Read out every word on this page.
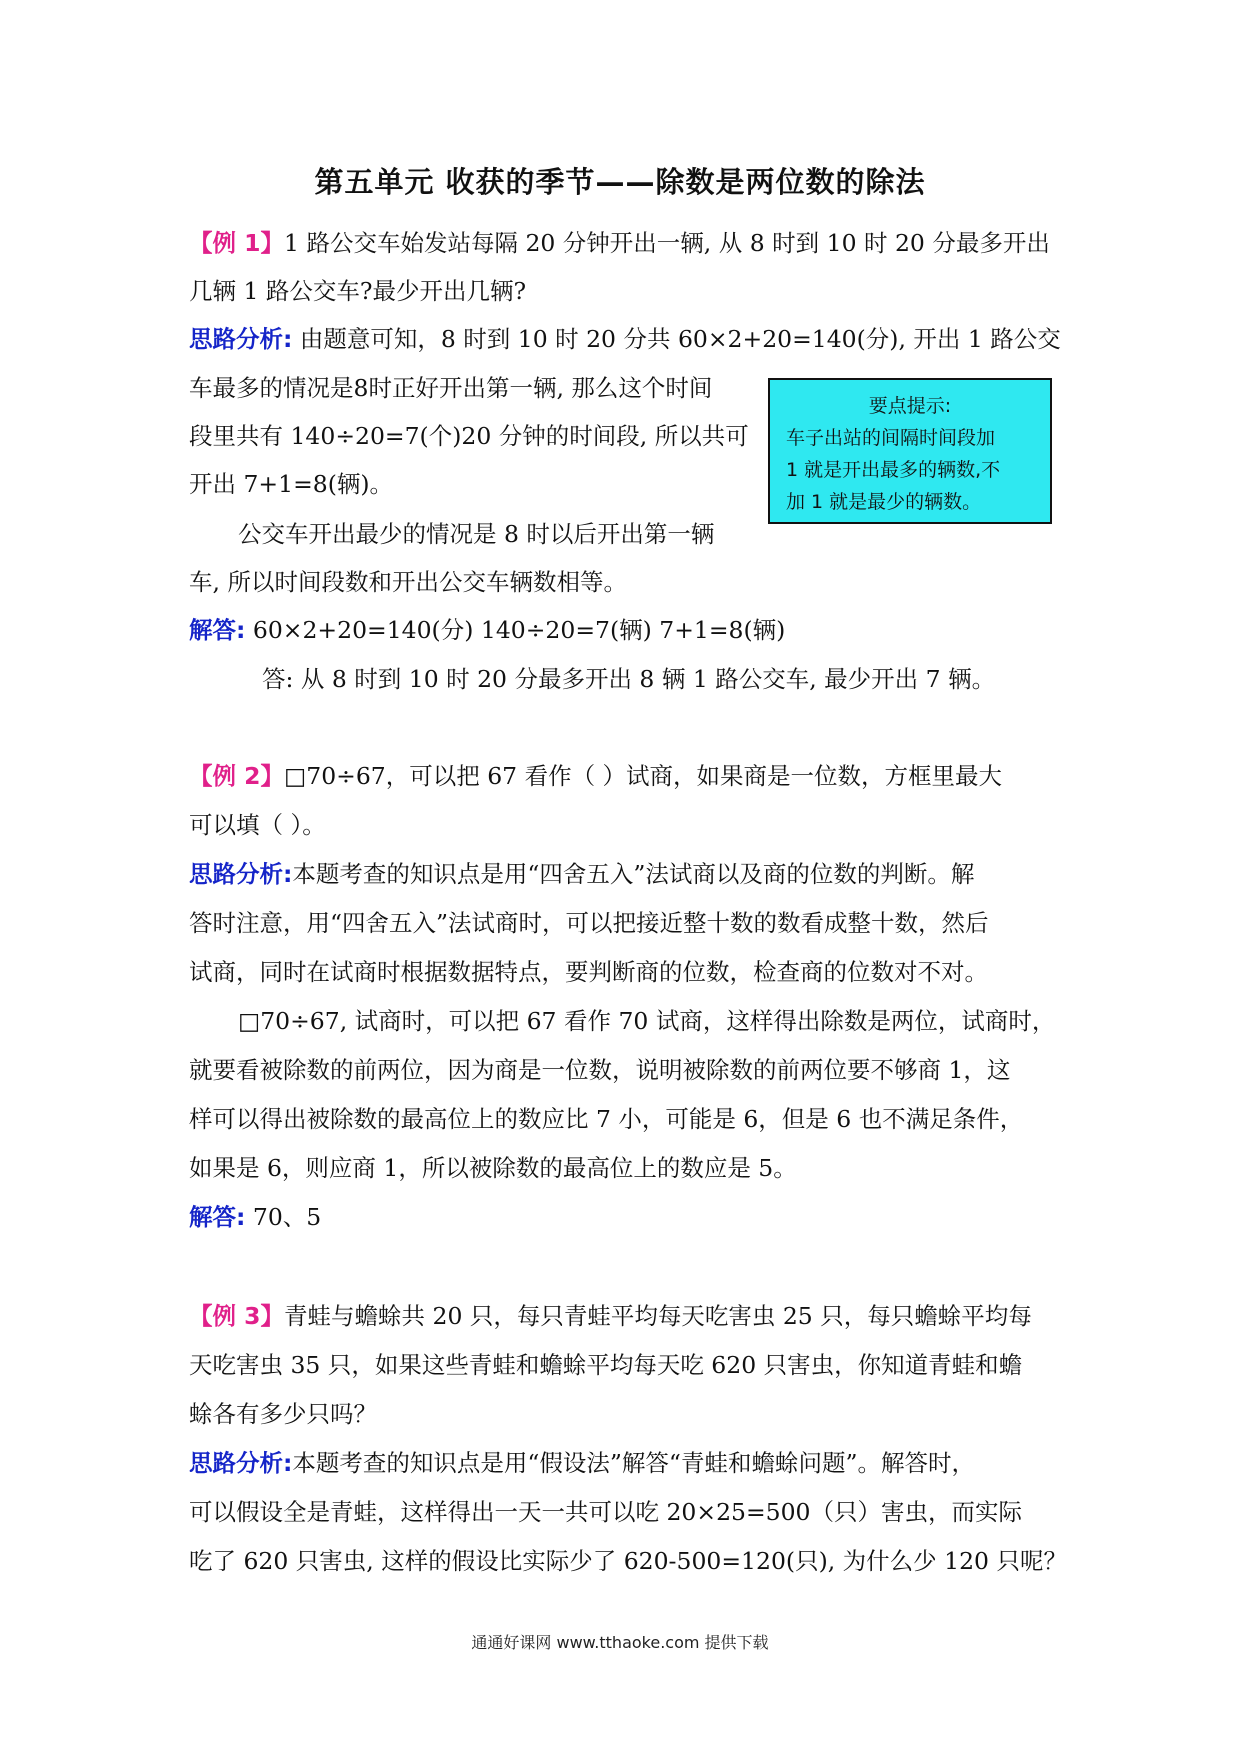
第五单元 收获的季节——除数是两位数的除法
【例 1】1 路公交车始发站每隔 20 分钟开出一辆, 从 8 时到 10 时 20 分最多开出
几辆 1 路公交车?最少开出几辆?
思路分析: 由题意可知，8 时到 10 时 20 分共 60×2+20=140(分), 开出 1 路公交
车最多的情况是8时正好开出第一辆, 那么这个时间
段里共有 140÷20=7(个)20 分钟的时间段, 所以共可
开出 7+1=8(辆)。
公交车开出最少的情况是 8 时以后开出第一辆
车, 所以时间段数和开出公交车辆数相等。
解答: 60×2+20=140(分) 140÷20=7(辆) 7+1=8(辆)
答: 从 8 时到 10 时 20 分最多开出 8 辆 1 路公交车, 最少开出 7 辆。
要点提示:
车子出站的间隔时间段加
1 就是开出最多的辆数,不
加 1 就是最少的辆数。
【例 2】□70÷67，可以把 67 看作（ ）试商，如果商是一位数，方框里最大
可以填（ ）。
思路分析:本题考查的知识点是用“四舍五入”法试商以及商的位数的判断。解
答时注意，用“四舍五入”法试商时，可以把接近整十数的数看成整十数，然后
试商，同时在试商时根据数据特点，要判断商的位数，检查商的位数对不对。
□70÷67, 试商时，可以把 67 看作 70 试商，这样得出除数是两位，试商时，
就要看被除数的前两位，因为商是一位数，说明被除数的前两位要不够商 1，这
样可以得出被除数的最高位上的数应比 7 小，可能是 6，但是 6 也不满足条件，
如果是 6，则应商 1，所以被除数的最高位上的数应是 5。
解答: 70、5
【例 3】青蛙与蟾蜍共 20 只，每只青蛙平均每天吃害虫 25 只，每只蟾蜍平均每
天吃害虫 35 只，如果这些青蛙和蟾蜍平均每天吃 620 只害虫，你知道青蛙和蟾
蜍各有多少只吗？
思路分析:本题考查的知识点是用“假设法”解答“青蛙和蟾蜍问题”。解答时，
可以假设全是青蛙，这样得出一天一共可以吃 20×25=500（只）害虫，而实际
吃了 620 只害虫, 这样的假设比实际少了 620-500=120(只), 为什么少 120 只呢？
通通好课网 www.tthaoke.com 提供下载
